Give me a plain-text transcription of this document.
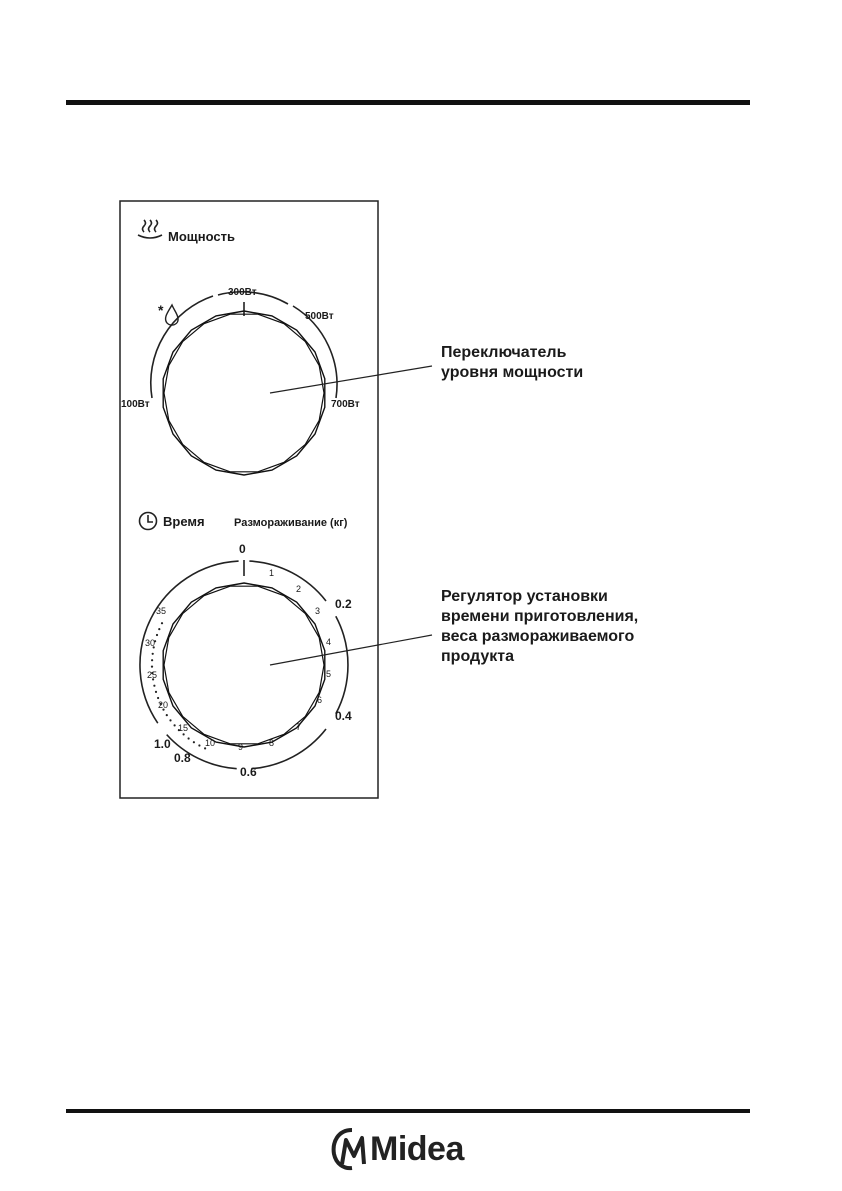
Мощность
*
100Вт
300Вт
500Вт
700Вт
Время	Размораживание (кг)
1
2
3
4
5
6
7
8
9
10
15
20
25
30
35
0
0.2
0.4
0.6
0.8
1.0

Переключатель
уровня мощности

Регулятор установки
времени приготовления,
веса размораживаемого
продукта

Midea
